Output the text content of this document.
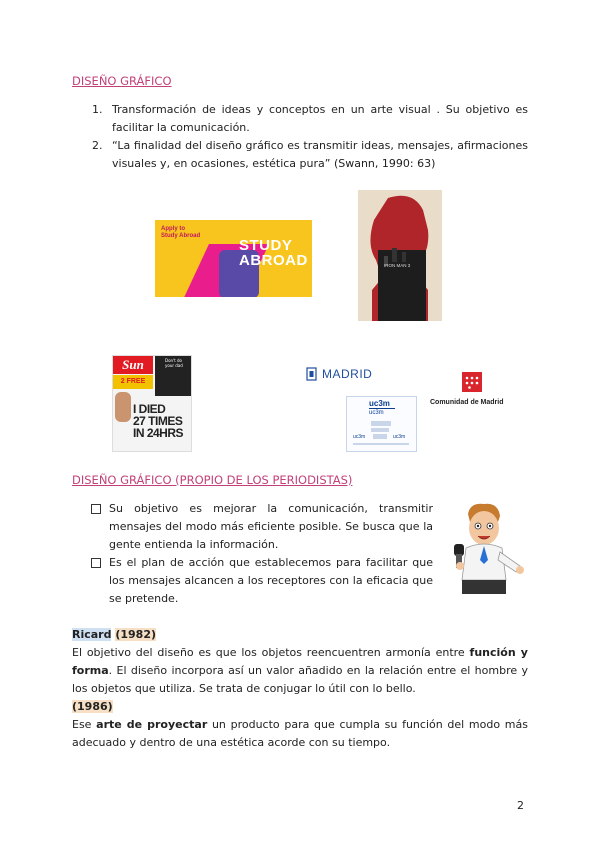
DISEÑO GRÁFICO
1. Transformación de ideas y conceptos en un arte visual . Su objetivo es facilitar la comunicación.
2. “La finalidad del diseño gráfico es transmitir ideas, mensajes, afirmaciones visuales y, en ocasiones, estética pura” (Swann, 1990: 63)
Apply to
Study Abroad
STUDY
ABROAD	IRON MAN 3
Sun	Don't do your dad
2 FREE
I DIED
27 TIMES
IN 24HRS
MADRID
Comunidad de Madrid
uc3m
uc3m
uc3m	uc3m
DISEÑO GRÁFICO (PROPIO DE LOS PERIODISTAS)
Su objetivo es mejorar la comunicación, transmitir mensajes del modo más eficiente posible. Se busca que la gente entienda la información.
Es el plan de acción que establecemos para facilitar que los mensajes alcancen a los receptores con la eficacia que se pretende.
Ricard (1982)
El objetivo del diseño es que los objetos reencuentren armonía entre función y forma. El diseño incorpora así un valor añadido en la relación entre el hombre y los objetos que utiliza. Se trata de conjugar lo útil con lo bello.
(1986)
Ese arte de proyectar un producto para que cumpla su función del modo más adecuado y dentro de una estética acorde con su tiempo.
2
